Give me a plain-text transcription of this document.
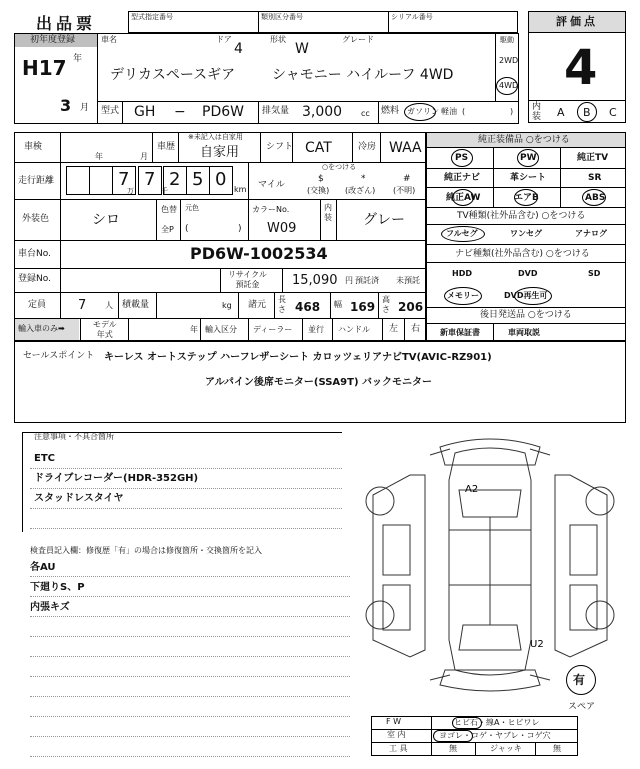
出品票	型式指定番号	類別区分番号	シリアル番号	評価点
4
内装 A B C
初年度登録
H17 年
3 月
車名	ドア
4
形状
W
グレード
デリカスペースギア	シャモニー ハイルーフ 4WD
駆動
2WD
4WD
型式 GH − PD6W 排気量 3,000 cc 燃料 ガソリン 軽油 (	)
車検
年	月
車歴
※未記入は自家用
自家用	シフト CAT	冷房 WAA
走行距離	7 7 2 5 0
万	千	km
○をつける
マイル
$
(交換)
*
(改ざん)
#
(不明)
外装色	シロ
色替
全P
元色
(	)
カラーNo.
W09
内装 グレー
車台No.	PD6W-1002534
登録No.	リサイクル
預託金	15,090 円 預託済 未預託
定員 7 人 積載量	kg 諸元
長さ 468 幅 169
高さ 206
輸入車のみ➡	モデル
年式
年 輸入区分 ディーラー 並行 ハンドル 左 右
純正装備品 ○をつける
PS	PW	純正TV
純正ナビ	革シート	SR
純正AW	エアB	ABS
TV種類(社外品含む) ○をつける
フルセグ	ワンセグ	アナログ
ナビ種類(社外品含む) ○をつける
HDD	DVD	SD
メモリー	DVD再生可
後日発送品 ○をつける
新車保証書	車両取説
セールスポイント キーレス オートステップ ハーフレザーシート カロッツェリアナビTV(AVIC-RZ901)
アルパイン後席モニター(SSA9T) バックモニター
注意事項・不具合箇所
ETC
ドライブレコーダー(HDR-352GH)
スタッドレスタイヤ
検査員記入欄：修復歴「有」の場合は修復箇所・交換箇所を記入
各AU
下廻りS、P
内張キズ
A2
U2
有
スペア
F W	ヒビ石・線A・ヒビワレ
室 内	ヨゴレ・コゲ・ヤブレ・コゲ穴
工 具	無	ジャッキ	無
